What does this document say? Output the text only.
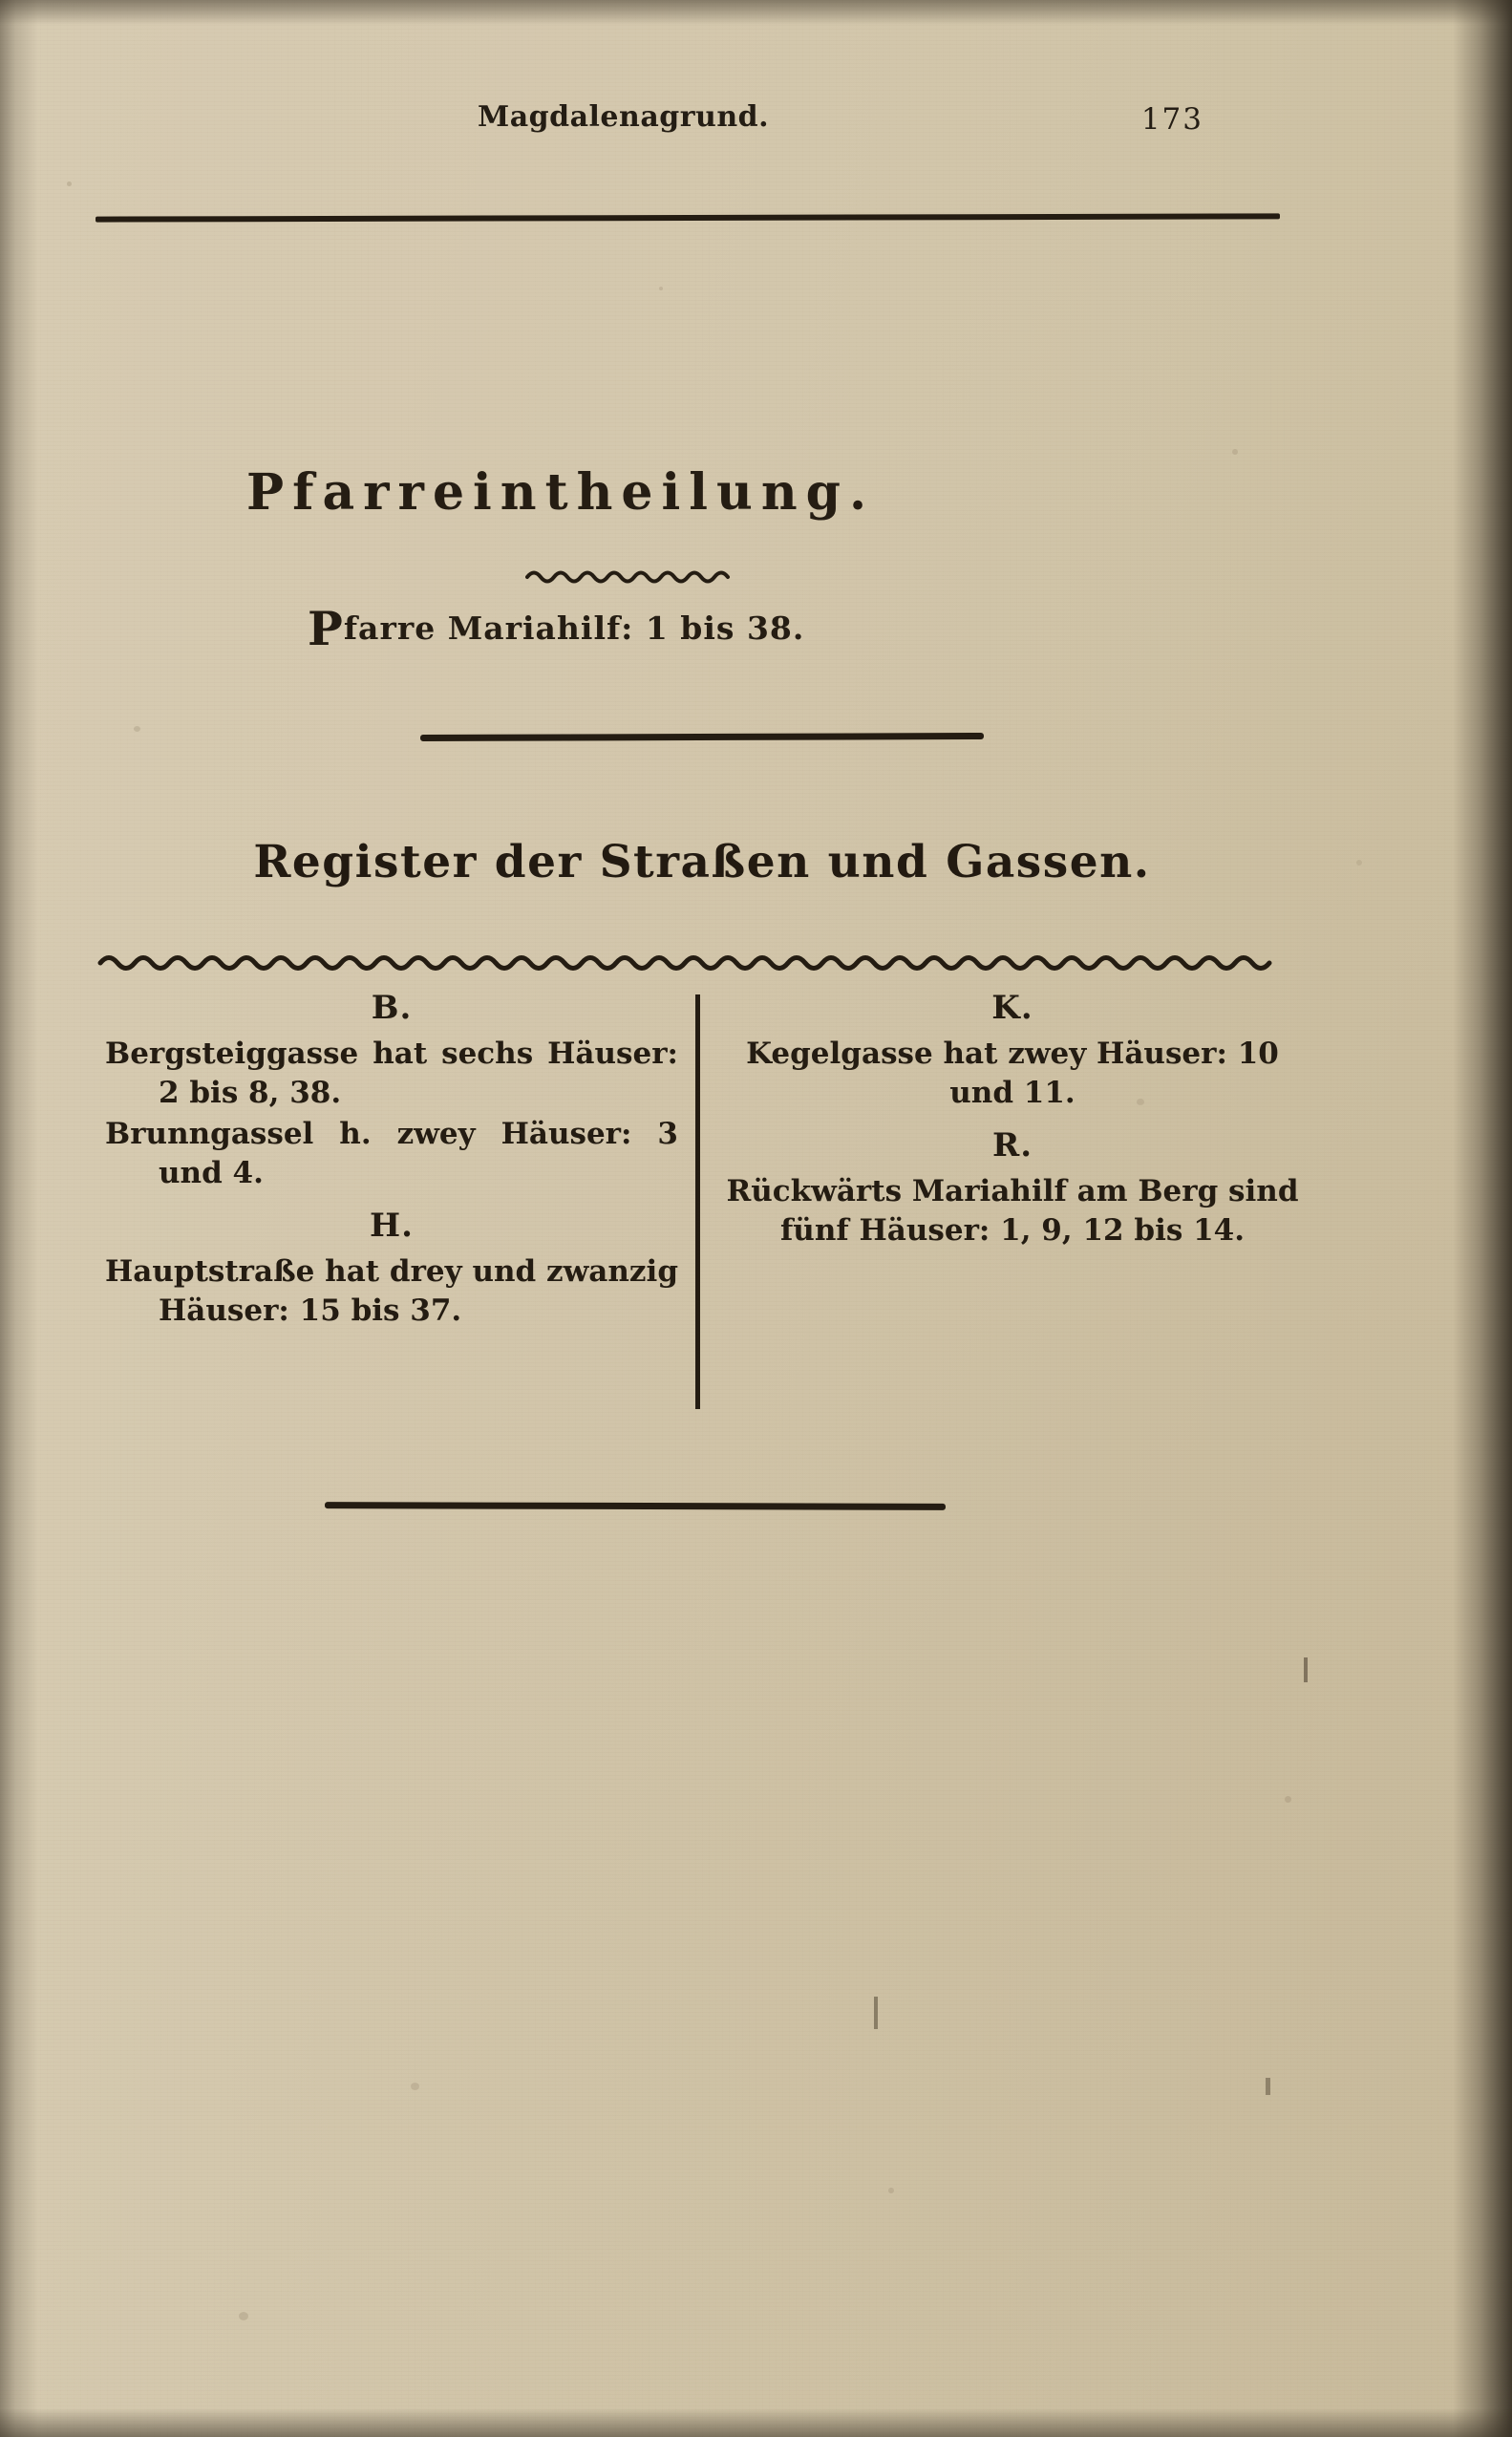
Magdalenagrund.	173
Pfarreintheilung.
Pfarre Mariahilf: 1 bis 38.
Register der Straßen und Gassen.
B.

Bergsteiggasse hat sechs Häuser: 2 bis 8, 38.

Brunngassel h. zwey Häuser: 3 und 4.

H.

Hauptstraße hat drey und zwanzig Häuser: 15 bis 37.

K.

Kegelgasse hat zwey Häuser: 10 und 11.

R.

Rückwärts Mariahilf am Berg sind fünf Häuser: 1, 9, 12 bis 14.
